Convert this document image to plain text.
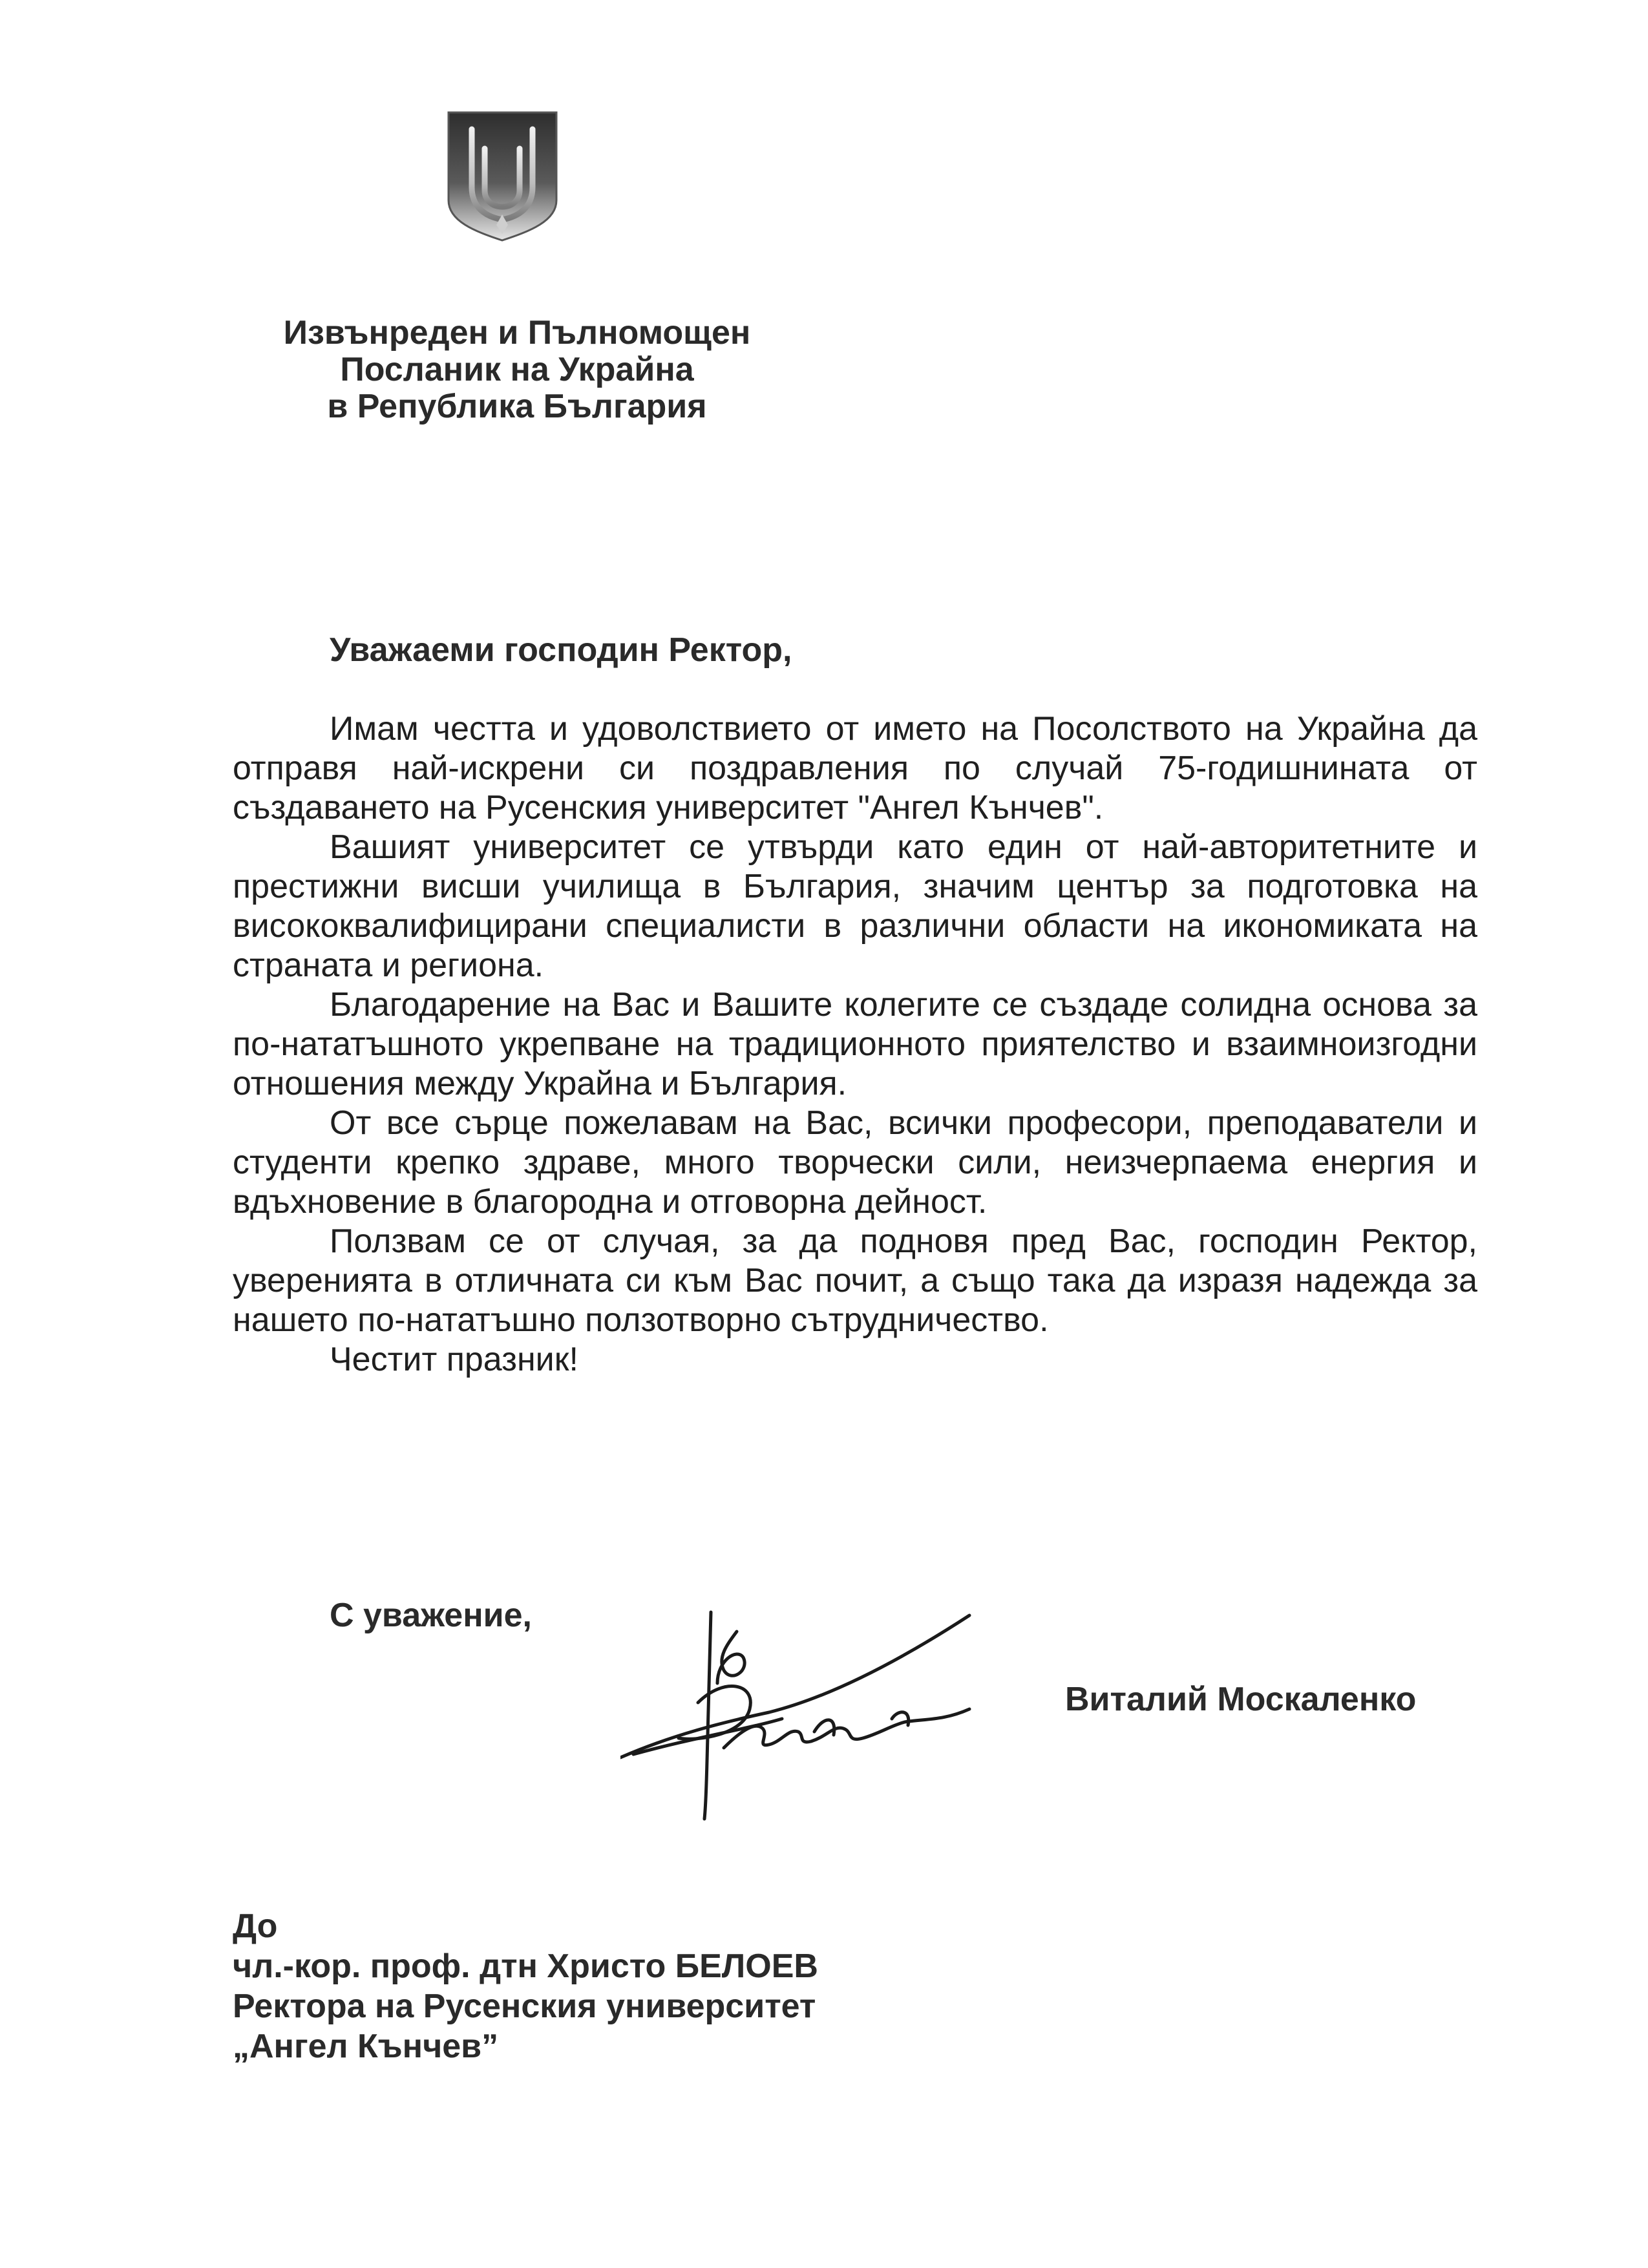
Извънреден и Пълномощен
Посланик на Украйна
в Република България
Уважаеми господин Ректор,

Имам честта и удоволствието от името на Посолството на Украйна да отправя най-искрени си поздравления по случай 75-годишнината от създаването на Русенския университет "Ангел Кънчев".

Вашият университет се утвърди като един от най-авторитетните и престижни висши училища в България, значим център за подготовка на висококвалифицирани специалисти в различни области на икономиката на страната и региона.

Благодарение на Вас и Вашите колегите се създаде солидна основа за по-нататъшното укрепване на традиционното приятелство и взаимноизгодни отношения между Украйна и България.

От все сърце пожелавам на Вас, всички професори, преподаватели и студенти крепко здраве, много творчески сили, неизчерпаема енергия и вдъхновение в благородна и отговорна дейност.

Ползвам се от случая, за да подновя пред Вас, господин Ректор, уверенията в отличната си към Вас почит, а също така да изразя надежда за нашето по-нататъшно ползотворно сътрудничество.

Честит празник!

С уважение,
Виталий Москаленко
До
чл.-кор. проф. дтн Христо БЕЛОЕВ
Ректора на Русенския университет
„Ангел Кънчев”
